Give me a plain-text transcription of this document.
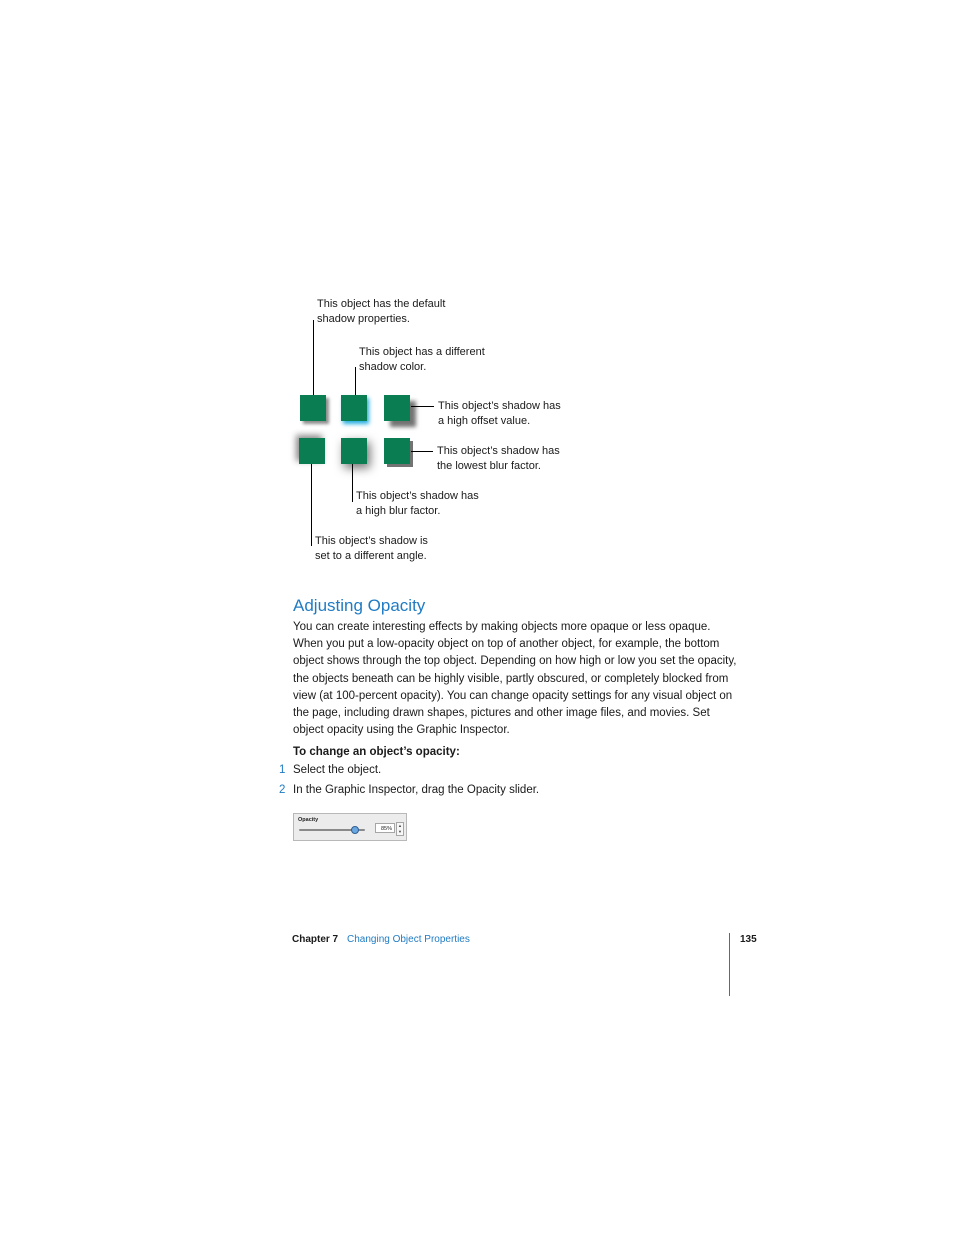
This object has the default
shadow properties.
This object has a different
shadow color.
This object’s shadow has
a high offset value.
This object’s shadow has
the lowest blur factor.
This object’s shadow has
a high blur factor.
This object’s shadow is
set to a different angle.
Adjusting Opacity

You can create interesting effects by making objects more opaque or less opaque. When you put a low-opacity object on top of another object, for example, the bottom object shows through the top object. Depending on how high or low you set the opacity, the objects beneath can be highly visible, partly obscured, or completely blocked from view (at 100-percent opacity). You can change opacity settings for any visual object on the page, including drawn shapes, pictures and other image files, and movies. Set object opacity using the Graphic Inspector.

To change an object’s opacity:
1 Select the object.
2 In the Graphic Inspector, drag the Opacity slider.
Opacity
85%
▲
▼
Chapter 7 Changing Object Properties	135
